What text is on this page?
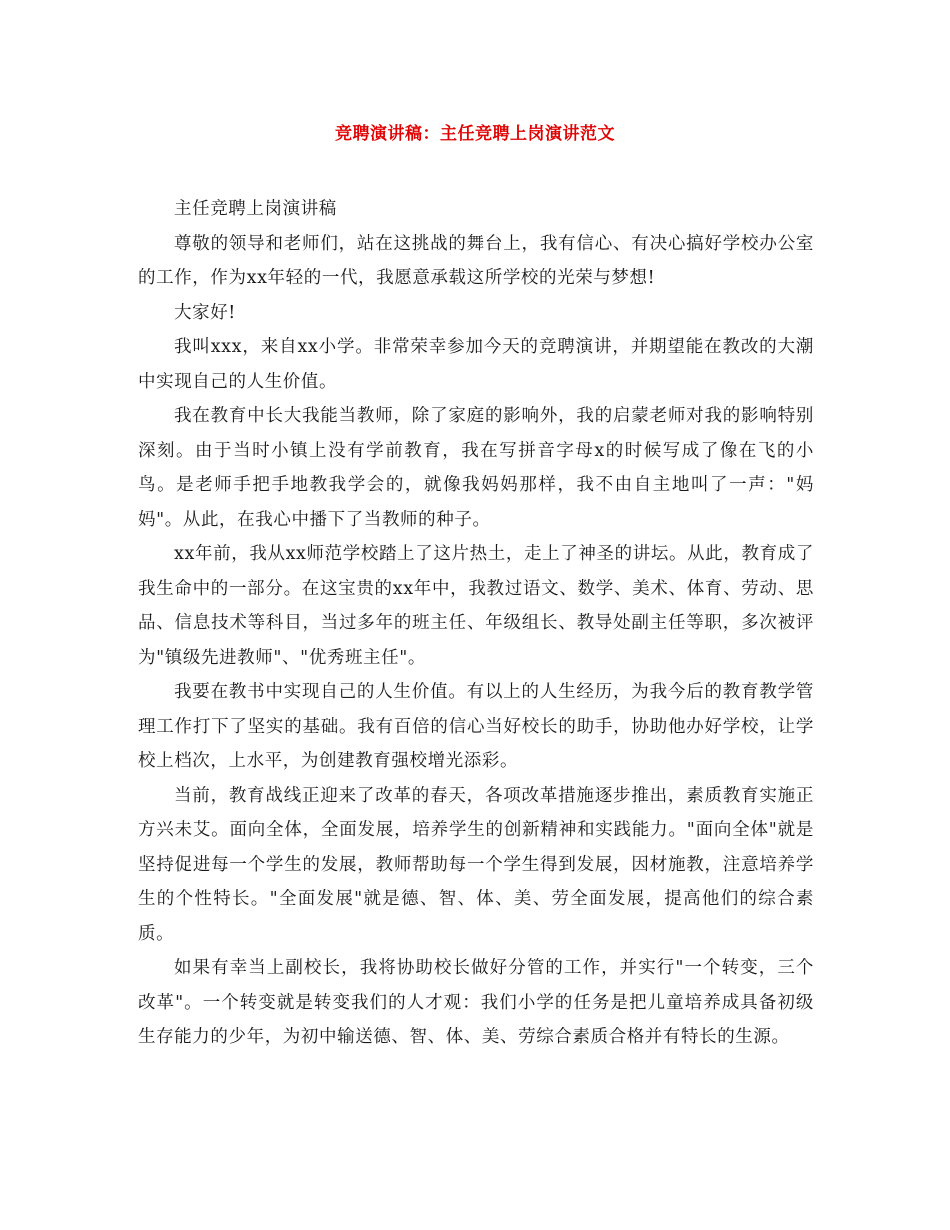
竞聘演讲稿：主任竞聘上岗演讲范文

主任竞聘上岗演讲稿

尊敬的领导和老师们，站在这挑战的舞台上，我有信心、有决心搞好学校办公室的工作，作为xx年轻的一代，我愿意承载这所学校的光荣与梦想!

大家好!

我叫xxx，来自xx小学。非常荣幸参加今天的竞聘演讲，并期望能在教改的大潮中实现自己的人生价值。

我在教育中长大我能当教师，除了家庭的影响外，我的启蒙老师对我的影响特别深刻。由于当时小镇上没有学前教育，我在写拼音字母x的时候写成了像在飞的小鸟。是老师手把手地教我学会的，就像我妈妈那样，我不由自主地叫了一声："妈妈"。从此，在我心中播下了当教师的种子。

xx年前，我从xx师范学校踏上了这片热土，走上了神圣的讲坛。从此，教育成了我生命中的一部分。在这宝贵的xx年中，我教过语文、数学、美术、体育、劳动、思品、信息技术等科目，当过多年的班主任、年级组长、教导处副主任等职，多次被评为"镇级先进教师"、"优秀班主任"。

我要在教书中实现自己的人生价值。有以上的人生经历，为我今后的教育教学管理工作打下了坚实的基础。我有百倍的信心当好校长的助手，协助他办好学校，让学校上档次，上水平，为创建教育强校增光添彩。

当前，教育战线正迎来了改革的春天，各项改革措施逐步推出，素质教育实施正方兴未艾。面向全体，全面发展，培养学生的创新精神和实践能力。"面向全体"就是坚持促进每一个学生的发展，教师帮助每一个学生得到发展，因材施教，注意培养学生的个性特长。"全面发展"就是德、智、体、美、劳全面发展，提高他们的综合素质。

如果有幸当上副校长，我将协助校长做好分管的工作，并实行"一个转变，三个改革"。一个转变就是转变我们的人才观：我们小学的任务是把儿童培养成具备初级生存能力的少年，为初中输送德、智、体、美、劳综合素质合格并有特长的生源。
